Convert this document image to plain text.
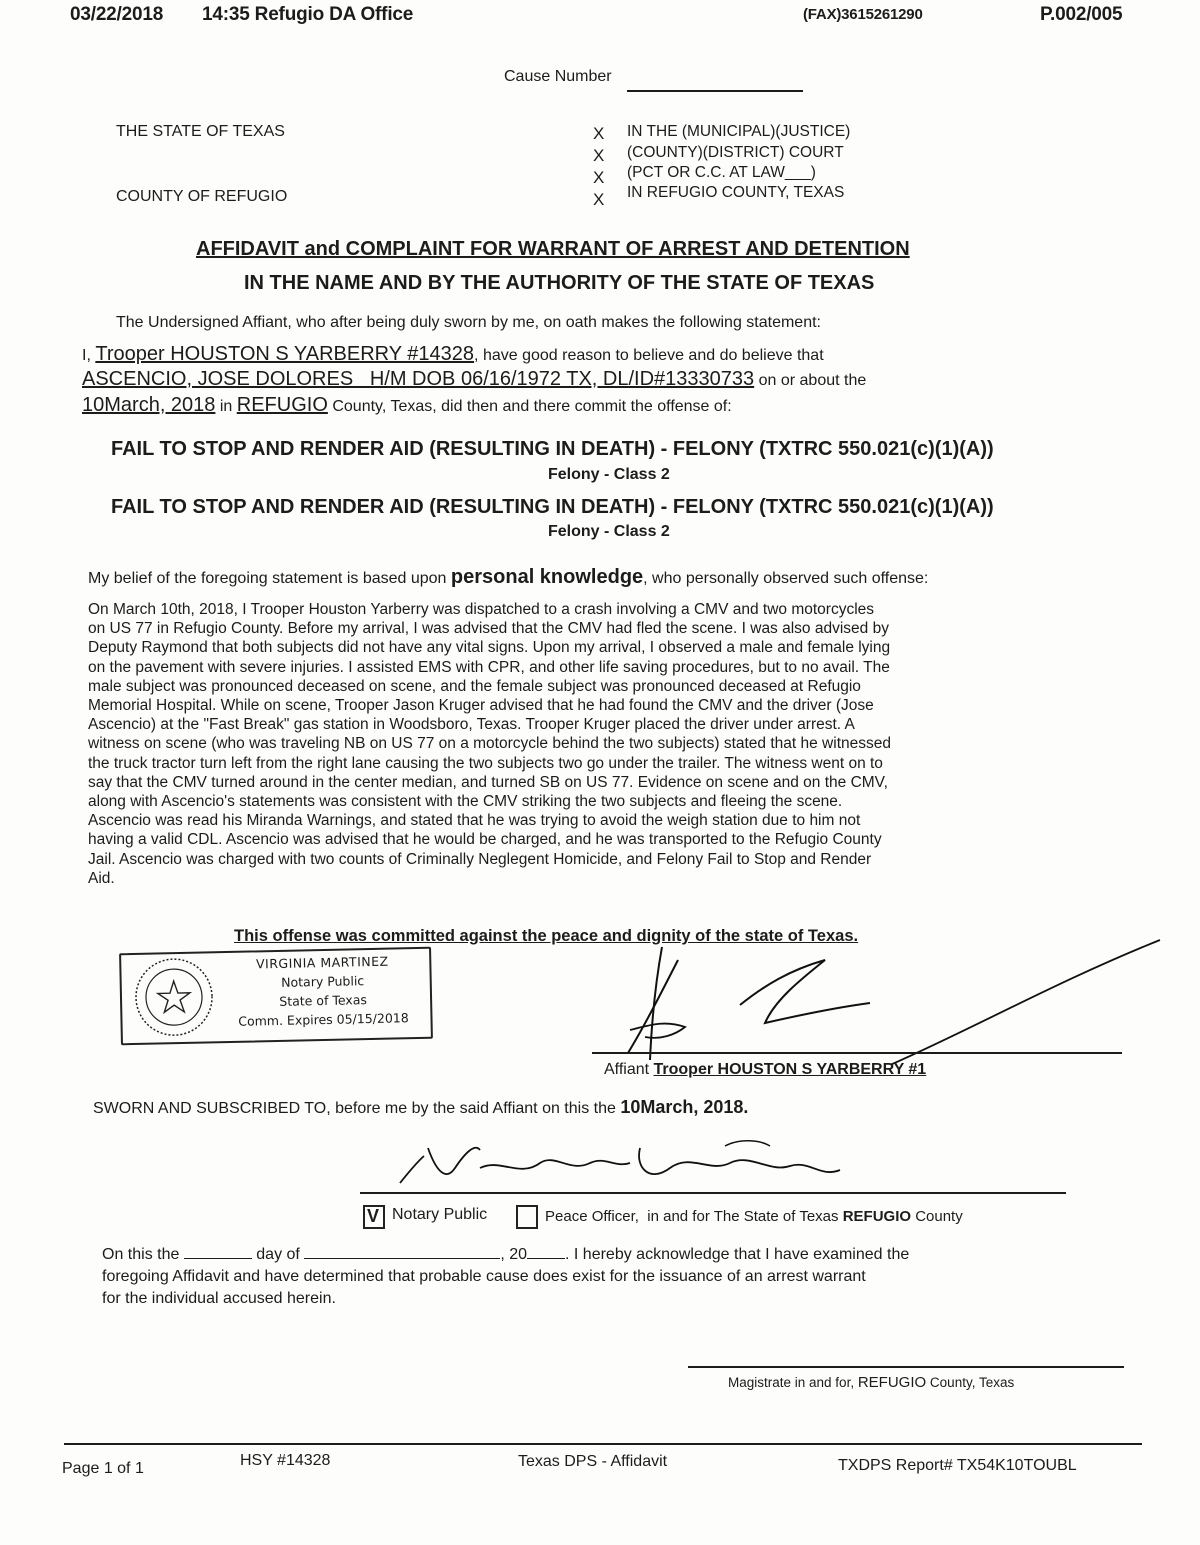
03/22/2018 14:35 Refugio DA Office	(FAX)3615261290	P.002/005
Cause Number
THE STATE OF TEXAS
COUNTY OF REFUGIO
X
X
X
X
IN THE (MUNICIPAL)(JUSTICE)
(COUNTY)(DISTRICT) COURT
(PCT OR C.C. AT LAW___)
IN REFUGIO COUNTY, TEXAS
AFFIDAVIT and COMPLAINT FOR WARRANT OF ARREST AND DETENTION
IN THE NAME AND BY THE AUTHORITY OF THE STATE OF TEXAS
The Undersigned Affiant, who after being duly sworn by me, on oath makes the following statement:
I, Trooper HOUSTON S YARBERRY #14328, have good reason to believe and do believe that
ASCENCIO, JOSE DOLORES   H/M DOB 06/16/1972 TX, DL/ID#13330733 on or about the
10March, 2018 in REFUGIO County, Texas, did then and there commit the offense of:
FAIL TO STOP AND RENDER AID (RESULTING IN DEATH) - FELONY (TXTRC 550.021(c)(1)(A))
Felony - Class 2
FAIL TO STOP AND RENDER AID (RESULTING IN DEATH) - FELONY (TXTRC 550.021(c)(1)(A))
Felony - Class 2
My belief of the foregoing statement is based upon personal knowledge, who personally observed such offense:
On March 10th, 2018, I Trooper Houston Yarberry was dispatched to a crash involving a CMV and two motorcycles
on US 77 in Refugio County. Before my arrival, I was advised that the CMV had fled the scene. I was also advised by
Deputy Raymond that both subjects did not have any vital signs. Upon my arrival, I observed a male and female lying
on the pavement with severe injuries. I assisted EMS with CPR, and other life saving procedures, but to no avail. The
male subject was pronounced deceased on scene, and the female subject was pronounced deceased at Refugio
Memorial Hospital. While on scene, Trooper Jason Kruger advised that he had found the CMV and the driver (Jose
Ascencio) at the "Fast Break" gas station in Woodsboro, Texas. Trooper Kruger placed the driver under arrest. A
witness on scene (who was traveling NB on US 77 on a motorcycle behind the two subjects) stated that he witnessed
the truck tractor turn left from the right lane causing the two subjects two go under the trailer. The witness went on to
say that the CMV turned around in the center median, and turned SB on US 77. Evidence on scene and on the CMV,
along with Ascencio's statements was consistent with the CMV striking the two subjects and fleeing the scene.
Ascencio was read his Miranda Warnings, and stated that he was trying to avoid the weigh station due to him not
having a valid CDL. Ascencio was advised that he would be charged, and he was transported to the Refugio County
Jail. Ascencio was charged with two counts of Criminally Neglegent Homicide, and Felony Fail to Stop and Render
Aid.
This offense was committed against the peace and dignity of the state of Texas.
VIRGINIA MARTINEZ
Notary Public
State of Texas
Comm. Expires 05/15/2018
Affiant Trooper HOUSTON S YARBERRY #1
SWORN AND SUBSCRIBED TO, before me by the said Affiant on this the 10March, 2018.
V Notary Public	Peace Officer,  in and for The State of Texas REFUGIO County
On this the	day of	, 20 . I hereby acknowledge that I have examined the
foregoing Affidavit and have determined that probable cause does exist for the issuance of an arrest warrant
for the individual accused herein.
Magistrate in and for, REFUGIO County, Texas
Page 1 of 1	HSY #14328	Texas DPS - Affidavit	TXDPS Report# TX54K10TOUBL
